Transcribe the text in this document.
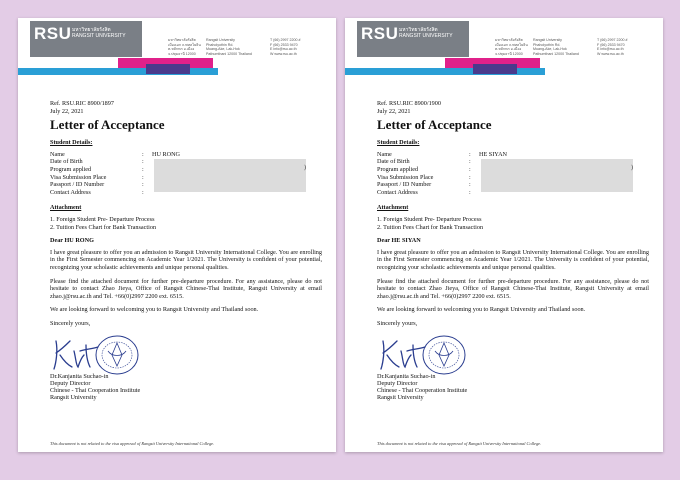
RSU มหาวิทยาลัยรังสิต
RANGSIT UNIVERSITY
มหาวิทยาลัยรังสิต
เมืองเอก ถ.พหลโยธิน
ต.หลักหก อ.เมือง
จ.ปทุมธานี 12000
Rangsit University
Phaholyothin Rd.
Muang-Ake, Lak-Hok
Pathumthani 12000 Thailand
T (66) 2997 2200 #
F (66) 2533 9470
E info@rsu.ac.th
W www.rsu.ac.th
Ref. RSU.RIC 8900/1897
July 22, 2021
Letter of Acceptance
Student Details:
Name	:	HU RONG
Date of Birth	:
Program applied	:
Visa Submission Place	:
Passport / ID Number	:
Contact Address	:
)
Attachment
1. Foreign Student Pre- Departure Process
2. Tuition Fees Chart for Bank Transaction
Dear HU RONG

I have great pleasure to offer you an admission to Rangsit University International College. You are enrolling in the First Semester commencing on Academic Year 1/2021. The University is confident of your potential, recognizing your scholastic achievements and unique personal qualities.

Please find the attached document for further pre-departure procedure. For any assistance, please do not hesitate to contact Zhao Jieya, Office of Rangsit Chinese-Thai Institute, Rangsit University at email zhao.j@rsu.ac.th and Tel. +66(0)2997 2200 ext. 6515.

We are looking forward to welcoming you to Rangsit University and Thailand soon.

Sincerely yours,
Dr.Kanjanita Suchao-in
Deputy Director
Chinese - Thai Cooperation Institute
Rangsit University
This document is not related to the visa approval of Rangsit University International College.
RSU มหาวิทยาลัยรังสิต
RANGSIT UNIVERSITY
มหาวิทยาลัยรังสิต
เมืองเอก ถ.พหลโยธิน
ต.หลักหก อ.เมือง
จ.ปทุมธานี 12000
Rangsit University
Phaholyothin Rd.
Muang-Ake, Lak-Hok
Pathumthani 12000 Thailand
T (66) 2997 2200 #
F (66) 2533 9470
E info@rsu.ac.th
W www.rsu.ac.th
Ref. RSU.RIC 8900/1900
July 22, 2021
Letter of Acceptance
Student Details:
Name	:	HE SIYAN
Date of Birth	:
Program applied	:
Visa Submission Place	:
Passport / ID Number	:
Contact Address	:
)
Attachment
1. Foreign Student Pre- Departure Process
2. Tuition Fees Chart for Bank Transaction
Dear HE SIYAN

I have great pleasure to offer you an admission to Rangsit University International College. You are enrolling in the First Semester commencing on Academic Year 1/2021. The University is confident of your potential, recognizing your scholastic achievements and unique personal qualities.

Please find the attached document for further pre-departure procedure. For any assistance, please do not hesitate to contact Zhao Jieya, Office of Rangsit Chinese-Thai Institute, Rangsit University at email zhao.j@rsu.ac.th and Tel. +66(0)2997 2200 ext. 6515.

We are looking forward to welcoming you to Rangsit University and Thailand soon.

Sincerely yours,
Dr.Kanjanita Suchao-in
Deputy Director
Chinese - Thai Cooperation Institute
Rangsit University
This document is not related to the visa approval of Rangsit University International College.
